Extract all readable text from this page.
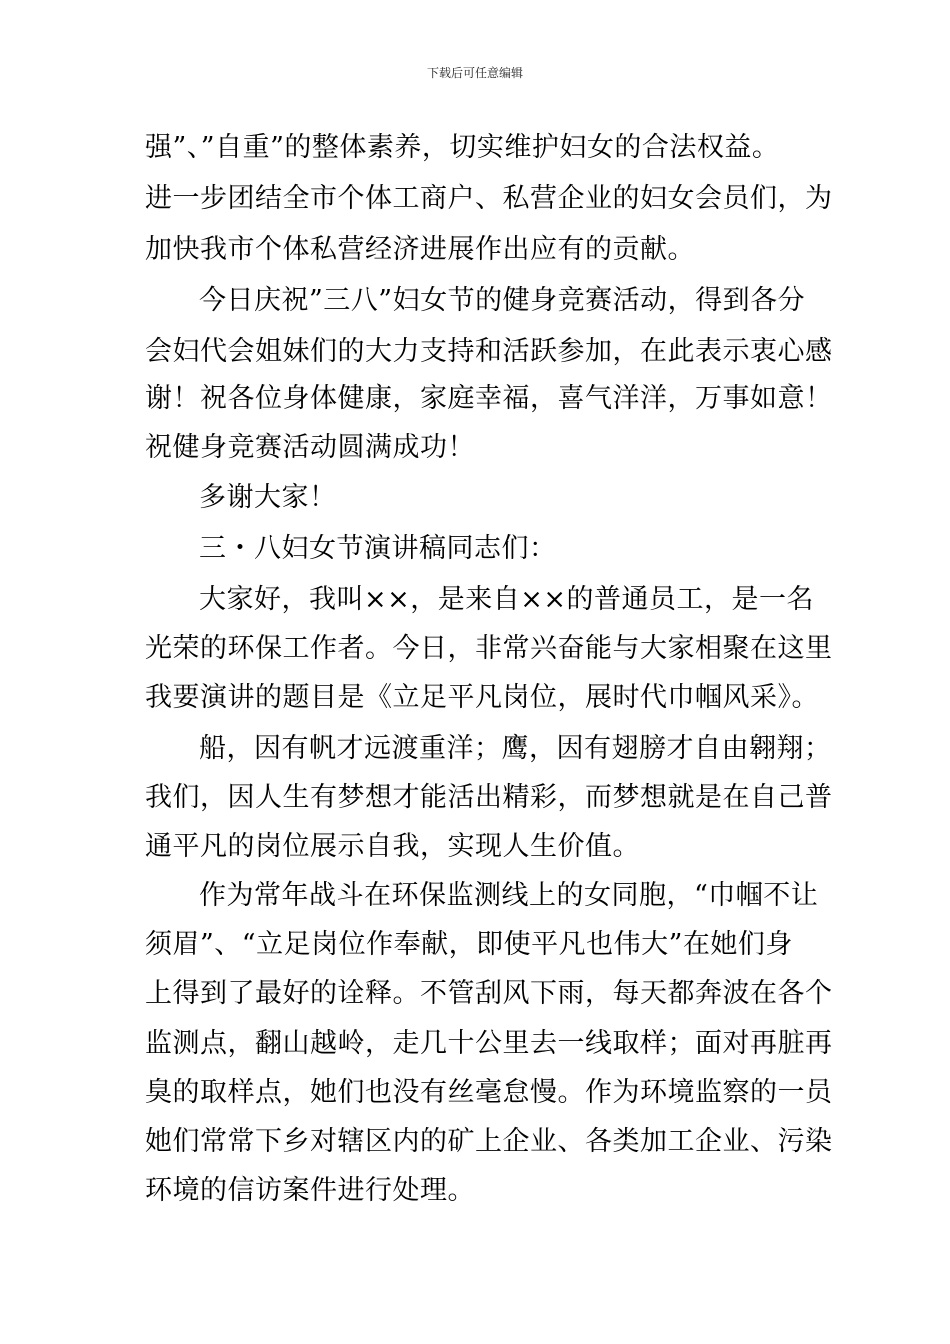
下载后可任意编辑
强”、”自重”的整体素养，切实维护妇女的合法权益。
进一步团结全市个体工商户、私营企业的妇女会员们，为
加快我市个体私营经济进展作出应有的贡献。
今日庆祝”三八”妇女节的健身竞赛活动，得到各分
会妇代会姐妹们的大力支持和活跃参加，在此表示衷心感
谢！祝各位身体健康，家庭幸福，喜气洋洋，万事如意！
祝健身竞赛活动圆满成功！
多谢大家！
三・八妇女节演讲稿同志们：
大家好，我叫××，是来自××的普通员工，是一名
光荣的环保工作者。今日，非常兴奋能与大家相聚在这里
我要演讲的题目是《立足平凡岗位，展时代巾帼风采》。
船，因有帆才远渡重洋；鹰，因有翅膀才自由翱翔；
我们，因人生有梦想才能活出精彩，而梦想就是在自己普
通平凡的岗位展示自我，实现人生价值。
作为常年战斗在环保监测线上的女同胞，“巾帼不让
须眉”、“立足岗位作奉献，即使平凡也伟大”在她们身
上得到了最好的诠释。不管刮风下雨，每天都奔波在各个
监测点，翻山越岭，走几十公里去一线取样；面对再脏再
臭的取样点，她们也没有丝毫怠慢。作为环境监察的一员
她们常常下乡对辖区内的矿上企业、各类加工企业、污染
环境的信访案件进行处理。
